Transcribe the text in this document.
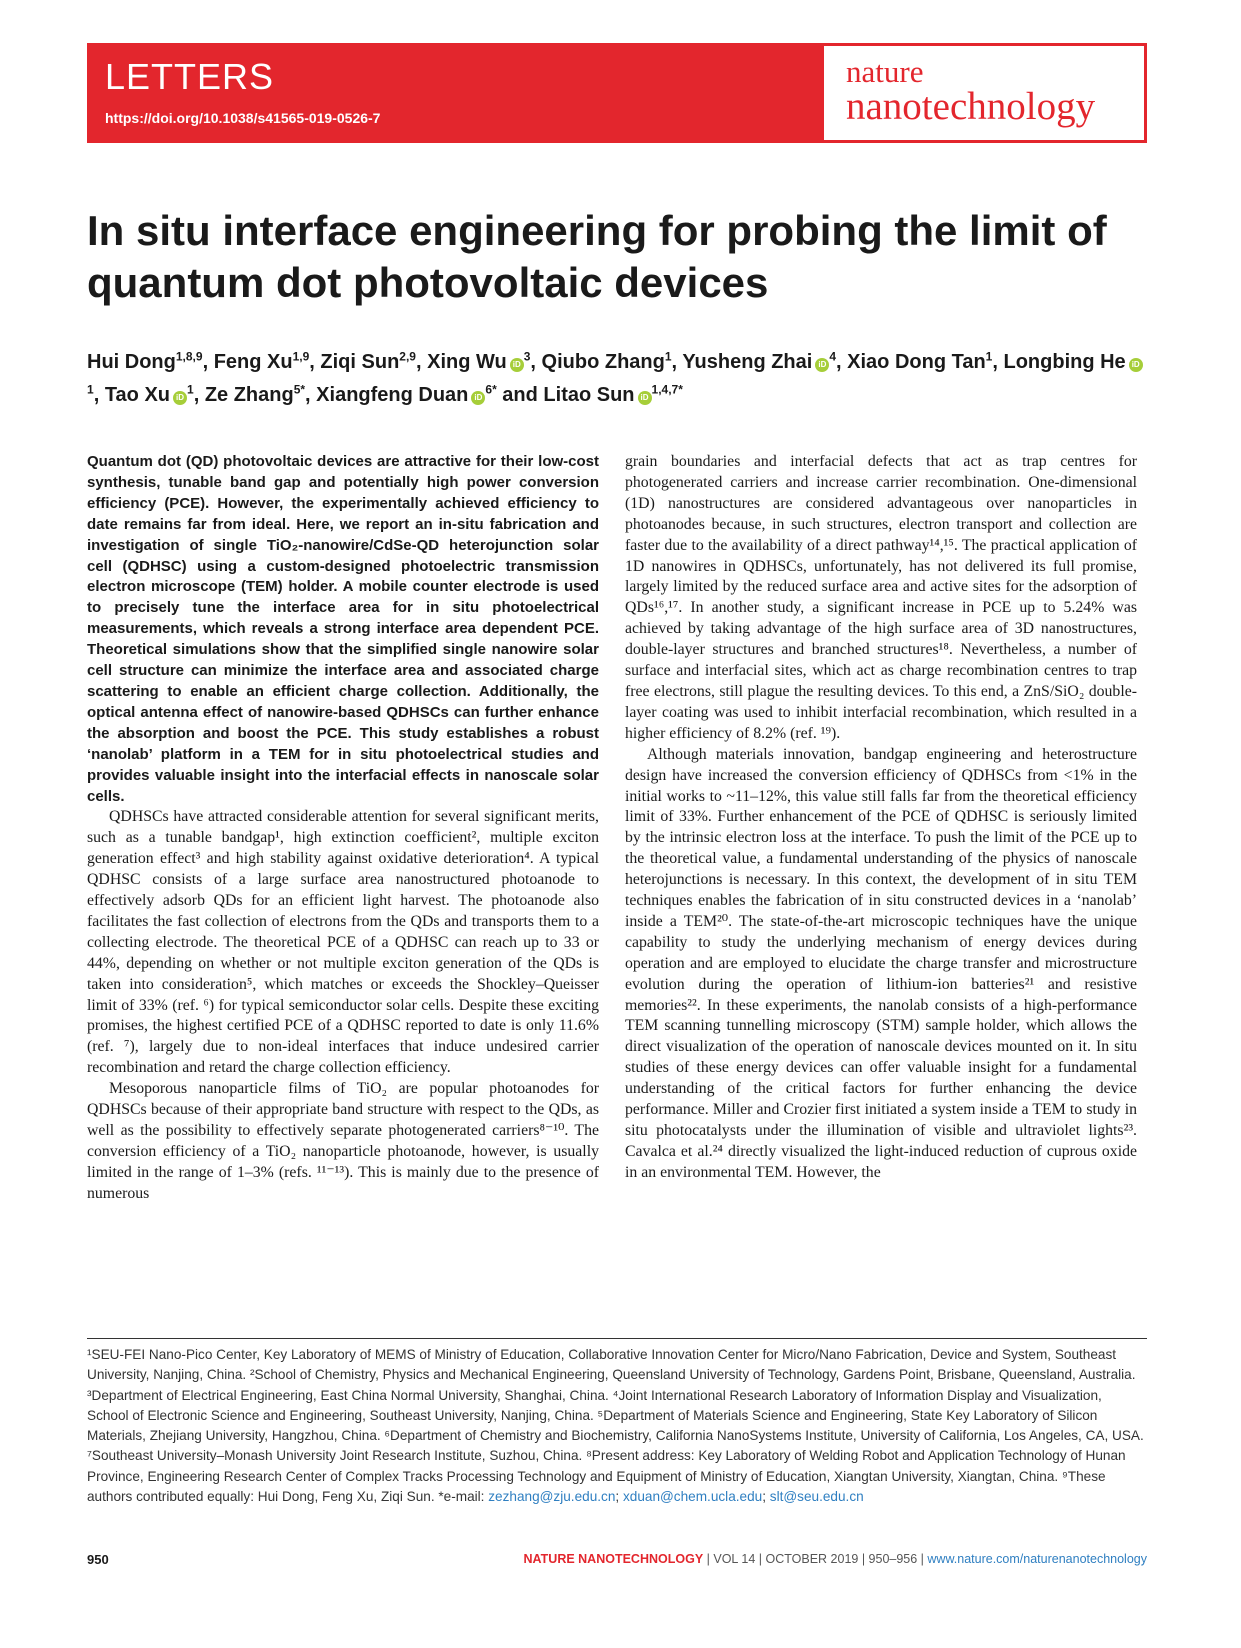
LETTERS
https://doi.org/10.1038/s41565-019-0526-7
nature
nanotechnology
In situ interface engineering for probing the limit of quantum dot photovoltaic devices
Hui Dong$^{1,8,9}$, Feng Xu$^{1,9}$, Ziqi Sun$^{2,9}$, Xing Wu $iD^3$, Qiubo Zhang$^1$, Yusheng Zhai $iD^4$, Xiao Dong Tan$^1$, Longbing He $iD^1$, Tao Xu $iD^1$, Ze Zhang$^{5*}$, Xiangfeng Duan $iD^{6*}$ and Litao Sun $iD^{1,4,7*}$

Quantum dot (QD) photovoltaic devices are attractive for their low-cost synthesis, tunable band gap and potentially high power conversion efficiency (PCE). However, the experimentally achieved efficiency to date remains far from ideal. Here, we report an in-situ fabrication and investigation of single TiO₂-nanowire/CdSe-QD heterojunction solar cell (QDHSC) using a custom-designed photoelectric transmission electron microscope (TEM) holder. A mobile counter electrode is used to precisely tune the interface area for in situ photoelectrical measurements, which reveals a strong interface area dependent PCE. Theoretical simulations show that the simplified single nanowire solar cell structure can minimize the interface area and associated charge scattering to enable an efficient charge collection. Additionally, the optical antenna effect of nanowire-based QDHSCs can further enhance the absorption and boost the PCE. This study establishes a robust ‘nanolab’ platform in a TEM for in situ photoelectrical studies and provides valuable insight into the interfacial effects in nanoscale solar cells.

QDHSCs have attracted considerable attention for several significant merits, such as a tunable bandgap¹, high extinction coefficient², multiple exciton generation effect³ and high stability against oxidative deterioration⁴. A typical QDHSC consists of a large surface area nanostructured photoanode to effectively adsorb QDs for an efficient light harvest. The photoanode also facilitates the fast collection of electrons from the QDs and transports them to a collecting electrode. The theoretical PCE of a QDHSC can reach up to 33 or 44%, depending on whether or not multiple exciton generation of the QDs is taken into consideration⁵, which matches or exceeds the Shockley–Queisser limit of 33% (ref. ⁶) for typical semiconductor solar cells. Despite these exciting promises, the highest certified PCE of a QDHSC reported to date is only 11.6% (ref. ⁷), largely due to non-ideal interfaces that induce undesired carrier recombination and retard the charge collection efficiency.

Mesoporous nanoparticle films of TiO₂ are popular photoanodes for QDHSCs because of their appropriate band structure with respect to the QDs, as well as the possibility to effectively separate photogenerated carriers⁸⁻¹⁰. The conversion efficiency of a TiO₂ nanoparticle photoanode, however, is usually limited in the range of 1–3% (refs. ¹¹⁻¹³). This is mainly due to the presence of numerous

grain boundaries and interfacial defects that act as trap centres for photogenerated carriers and increase carrier recombination. One-dimensional (1D) nanostructures are considered advantageous over nanoparticles in photoanodes because, in such structures, electron transport and collection are faster due to the availability of a direct pathway¹⁴,¹⁵. The practical application of 1D nanowires in QDHSCs, unfortunately, has not delivered its full promise, largely limited by the reduced surface area and active sites for the adsorption of QDs¹⁶,¹⁷. In another study, a significant increase in PCE up to 5.24% was achieved by taking advantage of the high surface area of 3D nanostructures, double-layer structures and branched structures¹⁸. Nevertheless, a number of surface and interfacial sites, which act as charge recombination centres to trap free electrons, still plague the resulting devices. To this end, a ZnS/SiO₂ double-layer coating was used to inhibit interfacial recombination, which resulted in a higher efficiency of 8.2% (ref. ¹⁹).

Although materials innovation, bandgap engineering and heterostructure design have increased the conversion efficiency of QDHSCs from <1% in the initial works to ~11–12%, this value still falls far from the theoretical efficiency limit of 33%. Further enhancement of the PCE of QDHSC is seriously limited by the intrinsic electron loss at the interface. To push the limit of the PCE up to the theoretical value, a fundamental understanding of the physics of nanoscale heterojunctions is necessary. In this context, the development of in situ TEM techniques enables the fabrication of in situ constructed devices in a ‘nanolab’ inside a TEM²⁰. The state-of-the-art microscopic techniques have the unique capability to study the underlying mechanism of energy devices during operation and are employed to elucidate the charge transfer and microstructure evolution during the operation of lithium-ion batteries²¹ and resistive memories²². In these experiments, the nanolab consists of a high-performance TEM scanning tunnelling microscopy (STM) sample holder, which allows the direct visualization of the operation of nanoscale devices mounted on it. In situ studies of these energy devices can offer valuable insight for a fundamental understanding of the critical factors for further enhancing the device performance. Miller and Crozier first initiated a system inside a TEM to study in situ photocatalysts under the illumination of visible and ultraviolet lights²³. Cavalca et al.²⁴ directly visualized the light-induced reduction of cuprous oxide in an environmental TEM. However, the

¹SEU-FEI Nano-Pico Center, Key Laboratory of MEMS of Ministry of Education, Collaborative Innovation Center for Micro/Nano Fabrication, Device and System, Southeast University, Nanjing, China. ²School of Chemistry, Physics and Mechanical Engineering, Queensland University of Technology, Gardens Point, Brisbane, Queensland, Australia. ³Department of Electrical Engineering, East China Normal University, Shanghai, China. ⁴Joint International Research Laboratory of Information Display and Visualization, School of Electronic Science and Engineering, Southeast University, Nanjing, China. ⁵Department of Materials Science and Engineering, State Key Laboratory of Silicon Materials, Zhejiang University, Hangzhou, China. ⁶Department of Chemistry and Biochemistry, California NanoSystems Institute, University of California, Los Angeles, CA, USA. ⁷Southeast University–Monash University Joint Research Institute, Suzhou, China. ⁸Present address: Key Laboratory of Welding Robot and Application Technology of Hunan Province, Engineering Research Center of Complex Tracks Processing Technology and Equipment of Ministry of Education, Xiangtan University, Xiangtan, China. ⁹These authors contributed equally: Hui Dong, Feng Xu, Ziqi Sun. *e-mail: zezhang@zju.edu.cn; xduan@chem.ucla.edu; slt@seu.edu.cn
950	NATURE NANOTECHNOLOGY | VOL 14 | OCTOBER 2019 | 950–956 | www.nature.com/naturenanotechnology
